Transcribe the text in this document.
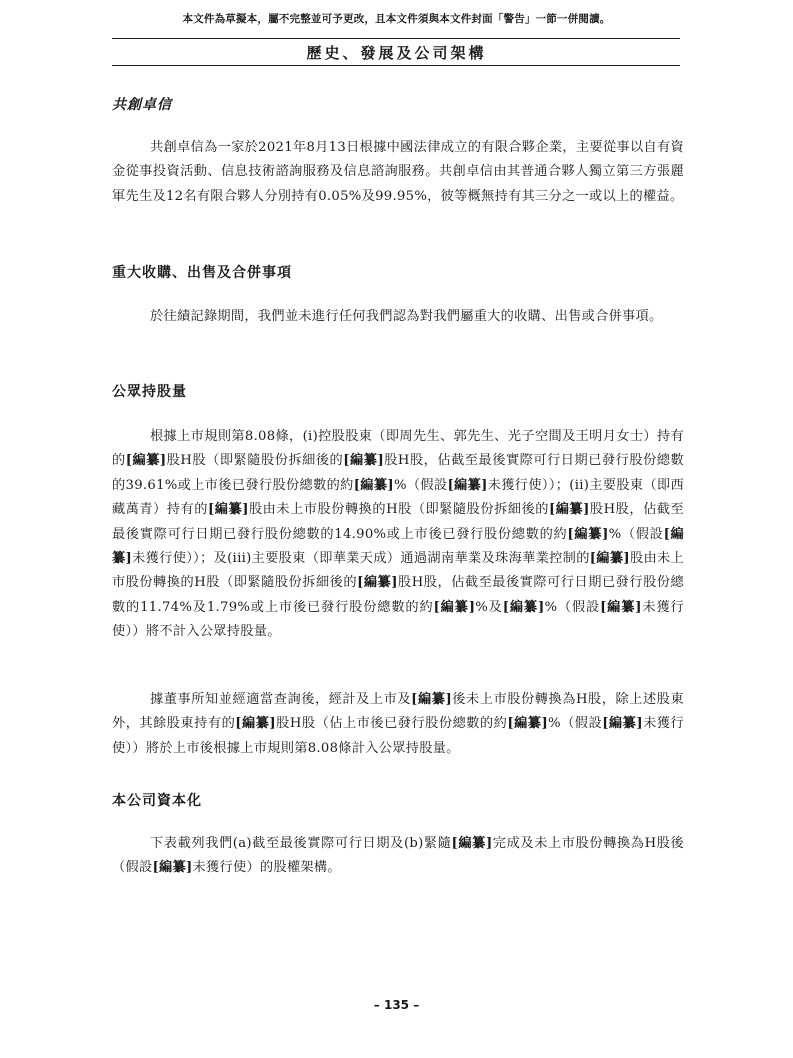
本文件為草擬本，屬不完整並可予更改，且本文件須與本文件封面「警告」一節一併閱讀。
歷史、發展及公司架構
共創卓信

共創卓信為一家於2021年8月13日根據中國法律成立的有限合夥企業，主要從事以自有資金從事投資活動、信息技術諮詢服務及信息諮詢服務。共創卓信由其普通合夥人獨立第三方張麗軍先生及12名有限合夥人分別持有0.05%及99.95%，彼等概無持有其三分之一或以上的權益。

重大收購、出售及合併事項

於往績記錄期間，我們並未進行任何我們認為對我們屬重大的收購、出售或合併事項。

公眾持股量

根據上市規則第8.08條，(i)控股股東（即周先生、郭先生、光子空間及王明月女士）持有的[編纂]股H股（即緊隨股份拆細後的[編纂]股H股，佔截至最後實際可行日期已發行股份總數的39.61%或上市後已發行股份總數的約[編纂]%（假設[編纂]未獲行使））；(ii)主要股東（即西藏萬青）持有的[編纂]股由未上市股份轉換的H股（即緊隨股份拆細後的[編纂]股H股，佔截至最後實際可行日期已發行股份總數的14.90%或上市後已發行股份總數的約[編纂]%（假設[編纂]未獲行使））；及(iii)主要股東（即華業天成）通過湖南華業及珠海華業控制的[編纂]股由未上市股份轉換的H股（即緊隨股份拆細後的[編纂]股H股，佔截至最後實際可行日期已發行股份總數的11.74%及1.79%或上市後已發行股份總數的約[編纂]%及[編纂]%（假設[編纂]未獲行使））將不計入公眾持股量。

據董事所知並經適當查詢後，經計及上市及[編纂]後未上市股份轉換為H股，除上述股東外，其餘股東持有的[編纂]股H股（佔上市後已發行股份總數的約[編纂]%（假設[編纂]未獲行使））將於上市後根據上市規則第8.08條計入公眾持股量。

本公司資本化

下表載列我們(a)截至最後實際可行日期及(b)緊隨[編纂]完成及未上市股份轉換為H股後（假設[編纂]未獲行使）的股權架構。

– 135 –
